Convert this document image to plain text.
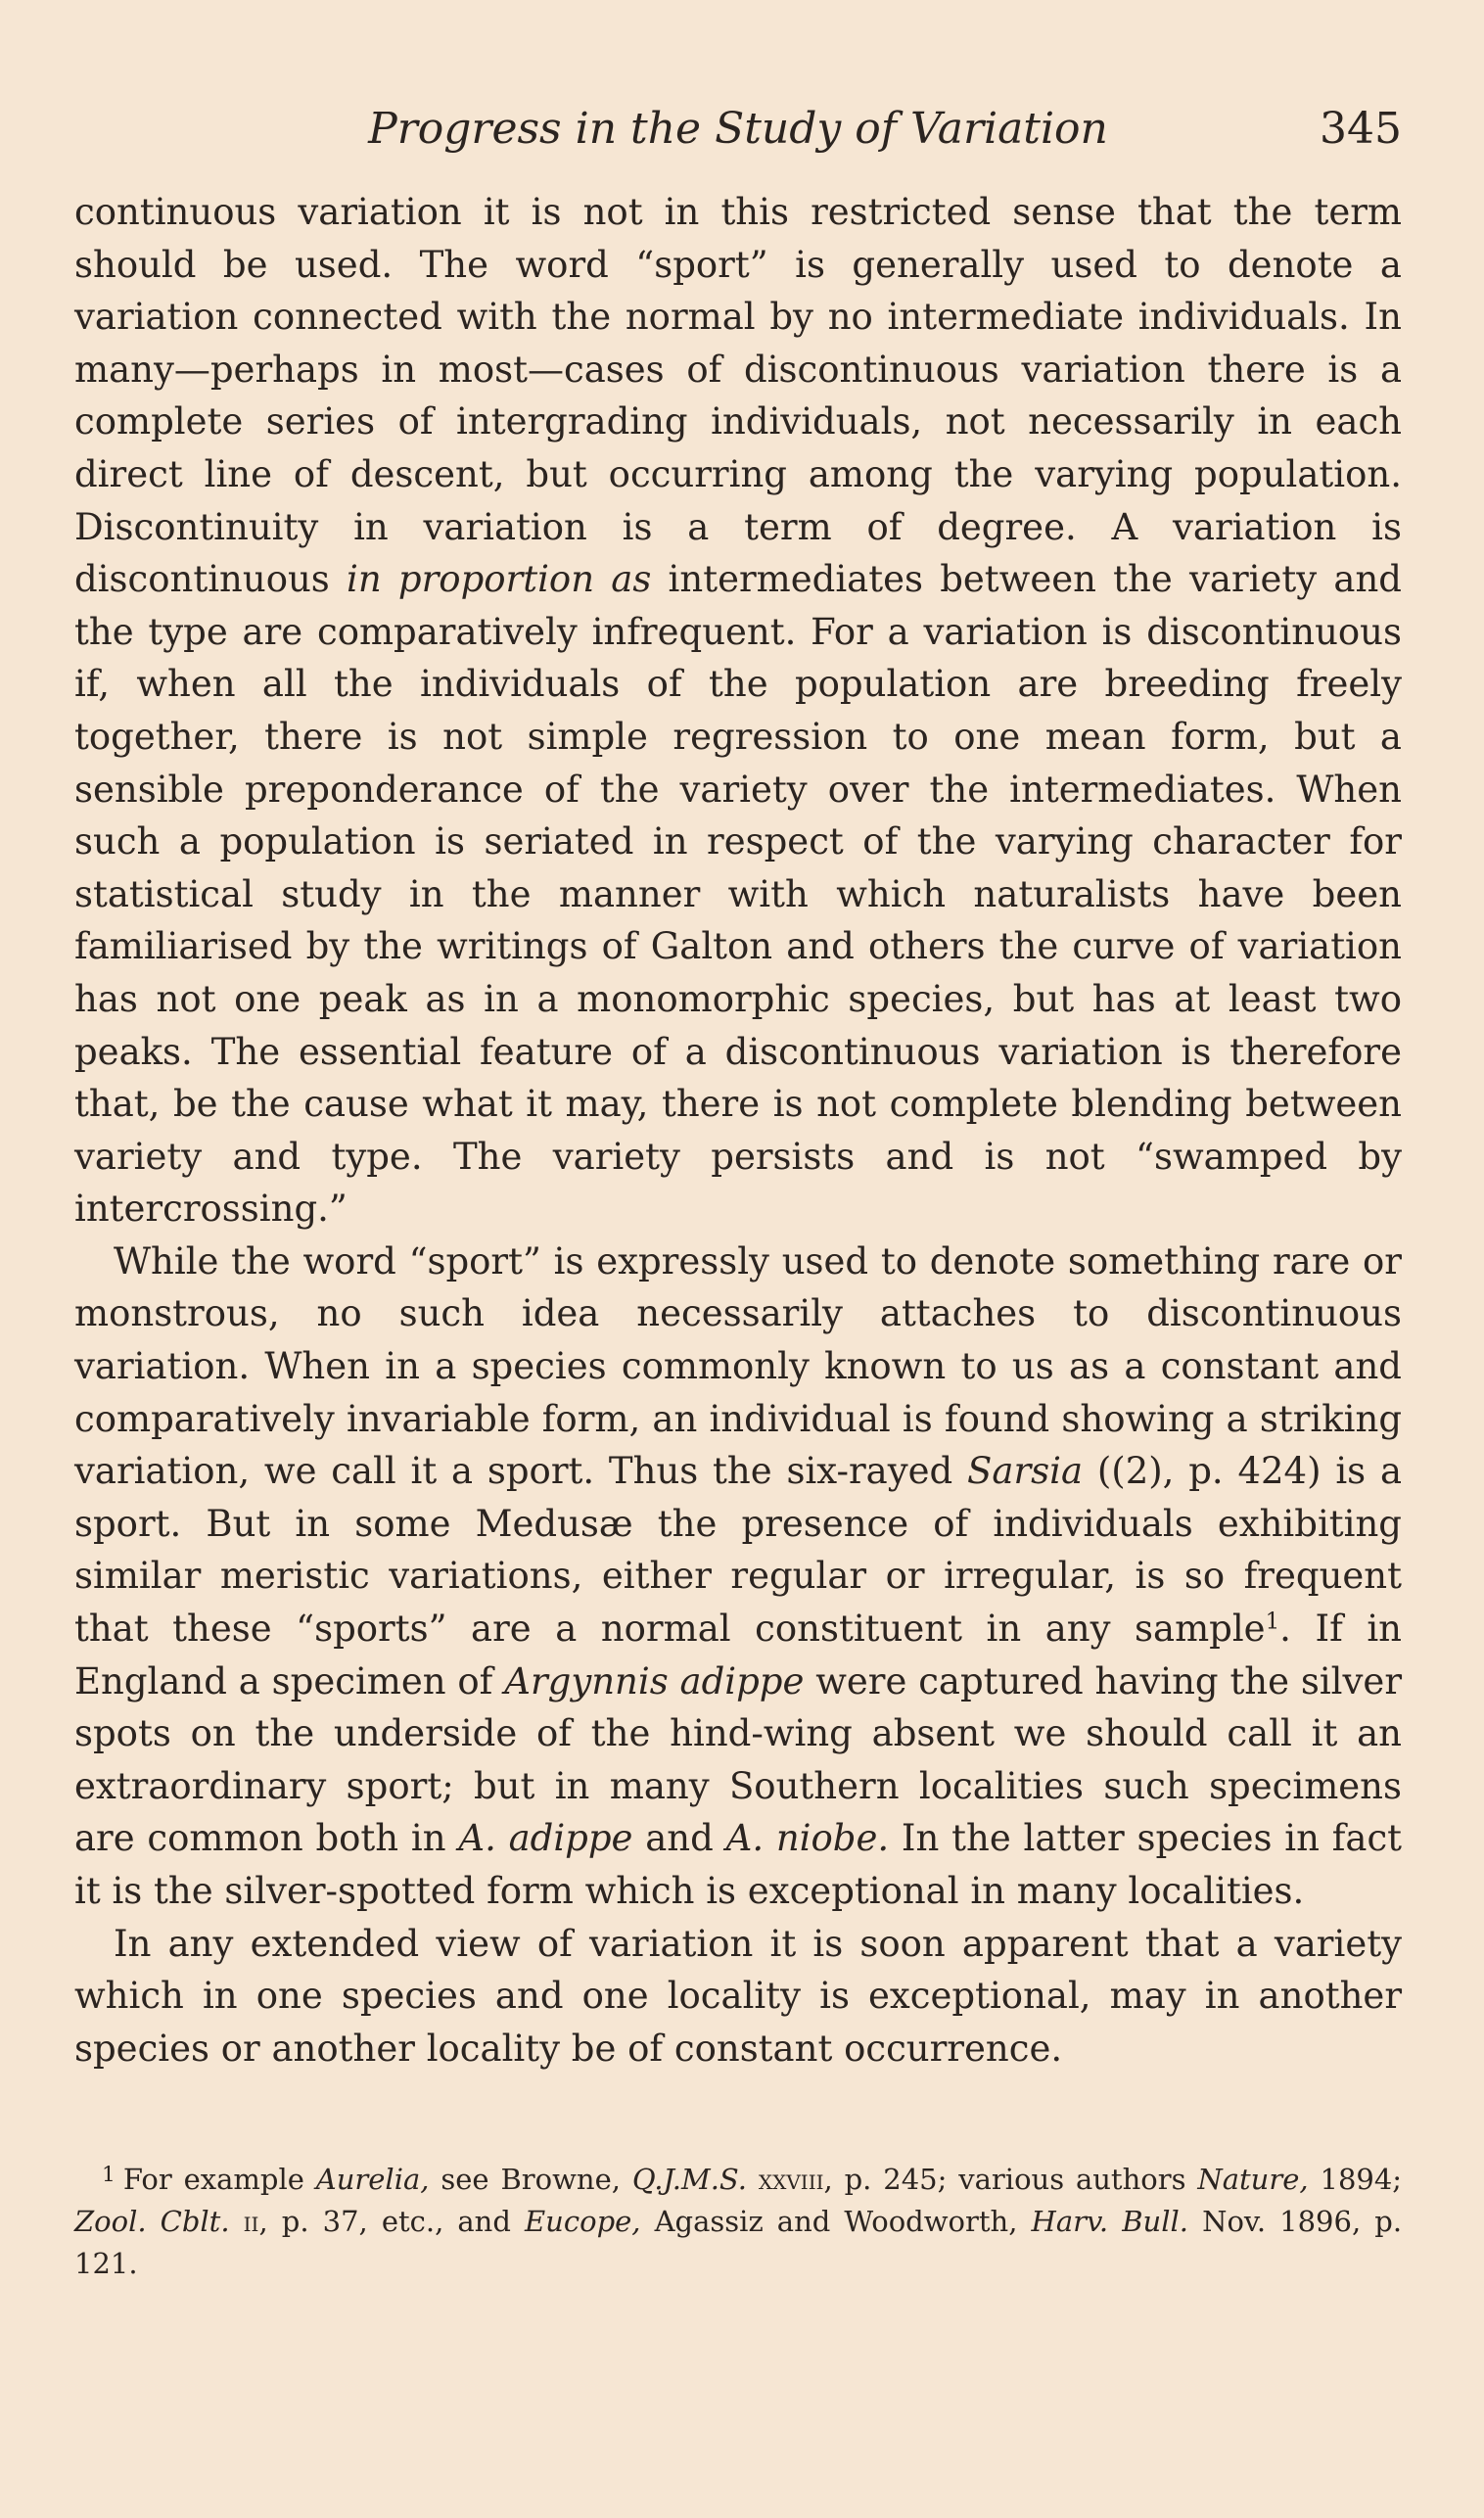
Progress in the Study of Variation	345

continuous variation it is not in this restricted sense that the term should be used. The word “sport” is generally used to denote a variation connected with the normal by no intermediate individuals. In many—perhaps in most—cases of discontinuous variation there is a complete series of intergrading individuals, not necessarily in each direct line of descent, but occurring among the varying population. Discontinuity in variation is a term of degree. A variation is discontinuous in proportion as intermediates between the variety and the type are comparatively infrequent. For a variation is discontinuous if, when all the individuals of the population are breeding freely together, there is not simple regression to one mean form, but a sensible preponderance of the variety over the intermediates. When such a population is seriated in respect of the varying character for statistical study in the manner with which naturalists have been familiarised by the writings of Galton and others the curve of variation has not one peak as in a monomorphic species, but has at least two peaks. The essential feature of a discontinuous variation is therefore that, be the cause what it may, there is not complete blending between variety and type. The variety persists and is not “swamped by intercrossing.”

While the word “sport” is expressly used to denote something rare or monstrous, no such idea necessarily attaches to discontinuous variation. When in a species commonly known to us as a constant and comparatively invariable form, an individual is found showing a striking variation, we call it a sport. Thus the six-rayed Sarsia ((2), p. 424) is a sport. But in some Medusæ the presence of individuals exhibiting similar meristic variations, either regular or irregular, is so frequent that these “sports” are a normal constituent in any sample$^1$. If in England a specimen of Argynnis adippe were captured having the silver spots on the underside of the hind-wing absent we should call it an extraordinary sport; but in many Southern localities such specimens are common both in A. adippe and A. niobe. In the latter species in fact it is the silver-spotted form which is exceptional in many localities.

In any extended view of variation it is soon apparent that a variety which in one species and one locality is exceptional, may in another species or another locality be of constant occurrence.

$^1$ For example Aurelia, see Browne, Q.J.M.S. xxviii, p. 245; various authors Nature, 1894; Zool. Cblt. ii, p. 37, etc., and Eucope, Agassiz and Woodworth, Harv. Bull. Nov. 1896, p. 121.
